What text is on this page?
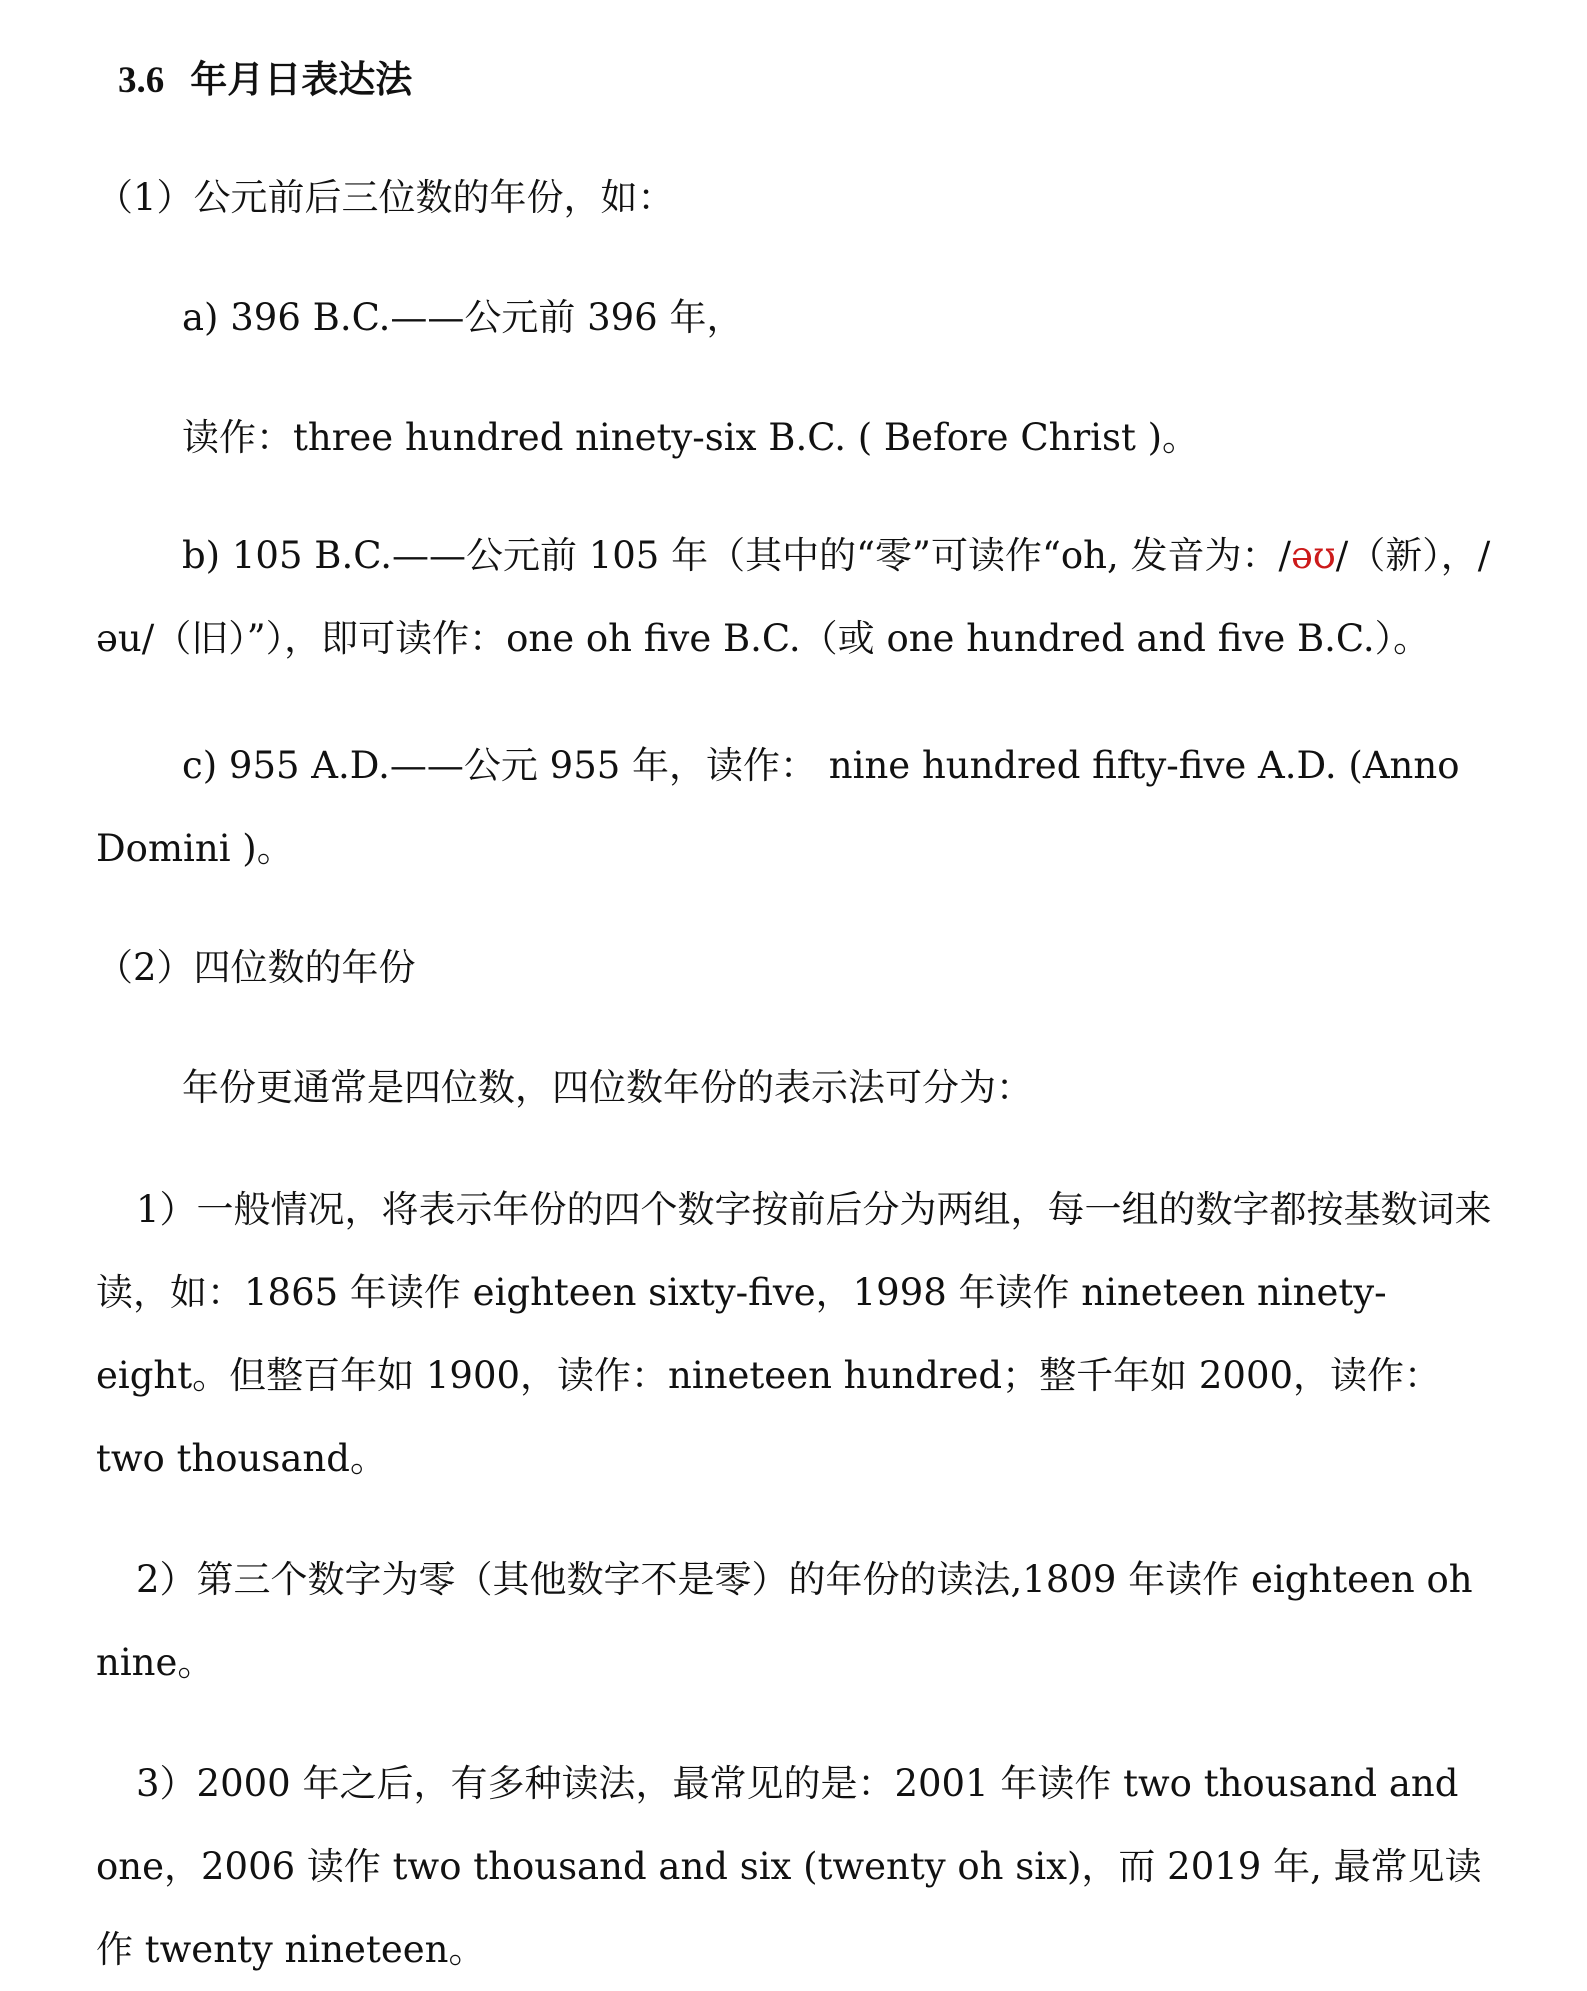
3.6 年月日表达法

（1）公元前后三位数的年份，如：

a) 396 B.C.——公元前 396 年，

读作：three hundred ninety-six B.C. ( Before Christ )。

b) 105 B.C.——公元前 105 年（其中的“零”可读作“oh, 发音为：/əʊ/（新），/əu/（旧）”），即可读作：one oh five B.C.（或 one hundred and five B.C.）。

c) 955 A.D.——公元 955 年，读作： nine hundred fifty-five A.D. (Anno Domini )。

（2）四位数的年份

年份更通常是四位数，四位数年份的表示法可分为：

1）一般情况，将表示年份的四个数字按前后分为两组，每一组的数字都按基数词来读，如：1865 年读作 eighteen sixty-five，1998 年读作 nineteen ninety-eight。但整百年如 1900，读作：nineteen hundred；整千年如 2000，读作：two thousand。

2）第三个数字为零（其他数字不是零）的年份的读法,1809 年读作 eighteen oh nine。

3）2000 年之后，有多种读法，最常见的是：2001 年读作 two thousand and one，2006 读作 two thousand and six (twenty oh six)，而 2019 年, 最常见读作 twenty nineteen。
